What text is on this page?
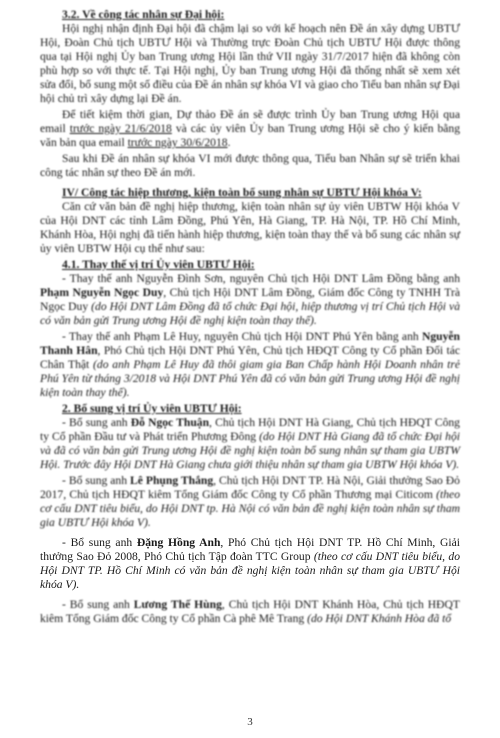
3.2. Về công tác nhân sự Đại hội:

Hội nghị nhận định Đại hội đã chậm lại so với kế hoạch nên Đề án xây dựng UBTƯ Hội, Đoàn Chủ tịch UBTƯ Hội và Thường trực Đoàn Chủ tịch UBTƯ Hội được thông qua tại Hội nghị Ủy ban Trung ương Hội lần thứ VII ngày 31/7/2017 hiện đã không còn phù hợp so với thực tế. Tại Hội nghị, Ủy ban Trung ương Hội đã thống nhất sẽ xem xét sửa đổi, bổ sung một số điều của Đề án nhân sự khóa VI và giao cho Tiểu ban nhân sự Đại hội chủ trì xây dựng lại Đề án.

Để tiết kiệm thời gian, Dự thảo Đề án sẽ được trình Ủy ban Trung ương Hội qua email trước ngày 21/6/2018 và các ủy viên Ủy ban Trung ương Hội sẽ cho ý kiến bằng văn bản qua email trước ngày 30/6/2018.

Sau khi Đề án nhân sự khóa VI mới được thông qua, Tiểu ban Nhân sự sẽ triển khai công tác nhân sự theo Đề án mới.

IV/ Công tác hiệp thương, kiện toàn bổ sung nhân sự UBTƯ Hội khóa V:

Căn cứ văn bản đề nghị hiệp thương, kiện toàn nhân sự ủy viên UBTW Hội khóa V của Hội DNT các tỉnh Lâm Đồng, Phú Yên, Hà Giang, TP. Hà Nội, TP. Hồ Chí Minh, Khánh Hòa, Hội nghị đã tiến hành hiệp thương, kiện toàn thay thế và bổ sung các nhân sự ủy viên UBTW Hội cụ thể như sau:

4.1. Thay thế vị trí Ủy viên UBTƯ Hội:

- Thay thế anh Nguyễn Đình Sơn, nguyên Chủ tịch Hội DNT Lâm Đồng bằng anh Phạm Nguyễn Ngọc Duy, Chủ tịch Hội DNT Lâm Đồng, Giám đốc Công ty TNHH Trà Ngọc Duy (do Hội DNT Lâm Đồng đã tổ chức Đại hội, hiệp thương vị trí Chủ tịch Hội và có văn bản gửi Trung ương Hội đề nghị kiện toàn thay thế).

- Thay thế anh Phạm Lê Huy, nguyên Chủ tịch Hội DNT Phú Yên bằng anh Nguyễn Thanh Hân, Phó Chủ tịch Hội DNT Phú Yên, Chủ tịch HĐQT Công ty Cổ phần Đối tác Chân Thật (do anh Phạm Lê Huy đã thôi giam gia Ban Chấp hành Hội Doanh nhân trẻ Phú Yên từ tháng 3/2018 và Hội DNT Phú Yên đã có văn bản gửi Trung ương Hội đề nghị kiện toàn thay thế).

2. Bổ sung vị trí Ủy viên UBTƯ Hội:

- Bổ sung anh Đỗ Ngọc Thuận, Chủ tịch Hội DNT Hà Giang, Chủ tịch HĐQT Công ty Cổ phần Đầu tư và Phát triển Phương Đông (do Hội DNT Hà Giang đã tổ chức Đại hội và đã có văn bản gửi Trung ương Hội đề nghị kiện toàn bổ sung nhân sự tham gia UBTW Hội. Trước đây Hội DNT Hà Giang chưa giới thiệu nhân sự tham gia UBTW Hội khóa V).

- Bổ sung anh Lê Phụng Thắng, Chủ tịch Hội DNT TP. Hà Nội, Giải thưởng Sao Đỏ 2017, Chủ tịch HĐQT kiêm Tổng Giám đốc Công ty Cổ phần Thương mại Citicom (theo cơ cấu DNT tiêu biểu, do Hội DNT tp. Hà Nội có văn bản đề nghị kiện toàn nhân sự tham gia UBTƯ Hội khóa V).

- Bổ sung anh Đặng Hồng Anh, Phó Chủ tịch Hội DNT TP. Hồ Chí Minh, Giải thưởng Sao Đỏ 2008, Phó Chủ tịch Tập đoàn TTC Group (theo cơ cấu DNT tiêu biểu, do Hội DNT TP. Hồ Chí Minh có văn bản đề nghị kiện toàn nhân sự tham gia UBTƯ Hội khóa V).

- Bổ sung anh Lương Thế Hùng, Chủ tịch Hội DNT Khánh Hòa, Chủ tịch HĐQT kiêm Tổng Giám đốc Công ty Cổ phần Cà phê Mê Trang (do Hội DNT Khánh Hòa đã tổ

3
